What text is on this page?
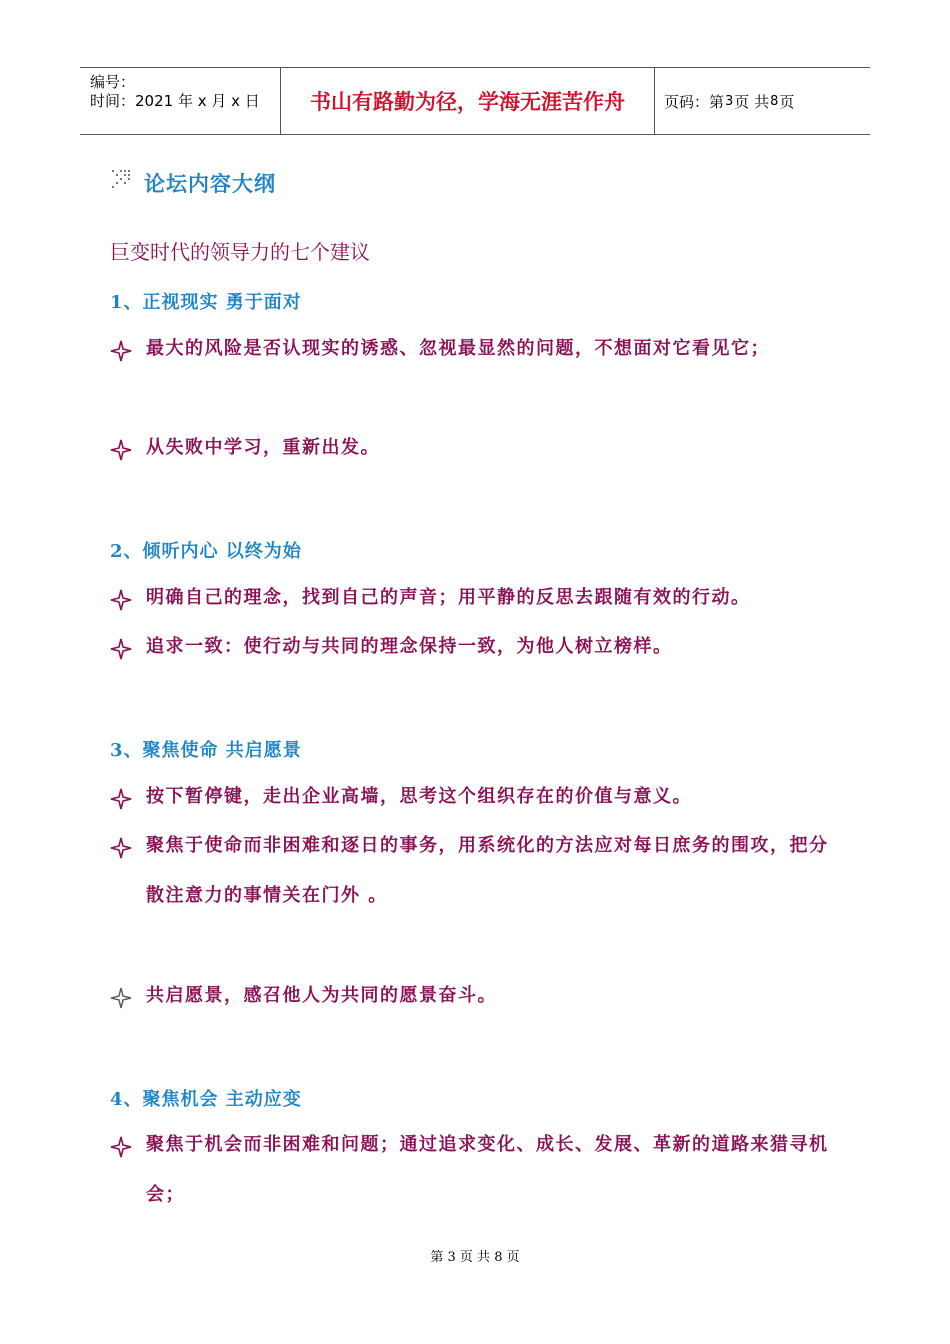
编号：
时间：2021 年 x 月 x 日	书山有路勤为径，学海无涯苦作舟	页码：第 3 页 共 8 页
论坛内容大纲
巨变时代的领导力的七个建议
1、正视现实 勇于面对
最大的风险是否认现实的诱惑、忽视最显然的问题，不想面对它看见它；
从失败中学习，重新出发。
2、倾听内心 以终为始
明确自己的理念，找到自己的声音；用平静的反思去跟随有效的行动。
追求一致：使行动与共同的理念保持一致，为他人树立榜样。
3、聚焦使命 共启愿景
按下暂停键，走出企业高墙，思考这个组织存在的价值与意义。
聚焦于使命而非困难和逐日的事务，用系统化的方法应对每日庶务的围攻，把分散注意力的事情关在门外 。
共启愿景，感召他人为共同的愿景奋斗。
4、聚焦机会 主动应变
聚焦于机会而非困难和问题；通过追求变化、成长、发展、革新的道路来猎寻机会；
第 3 页 共 8 页
